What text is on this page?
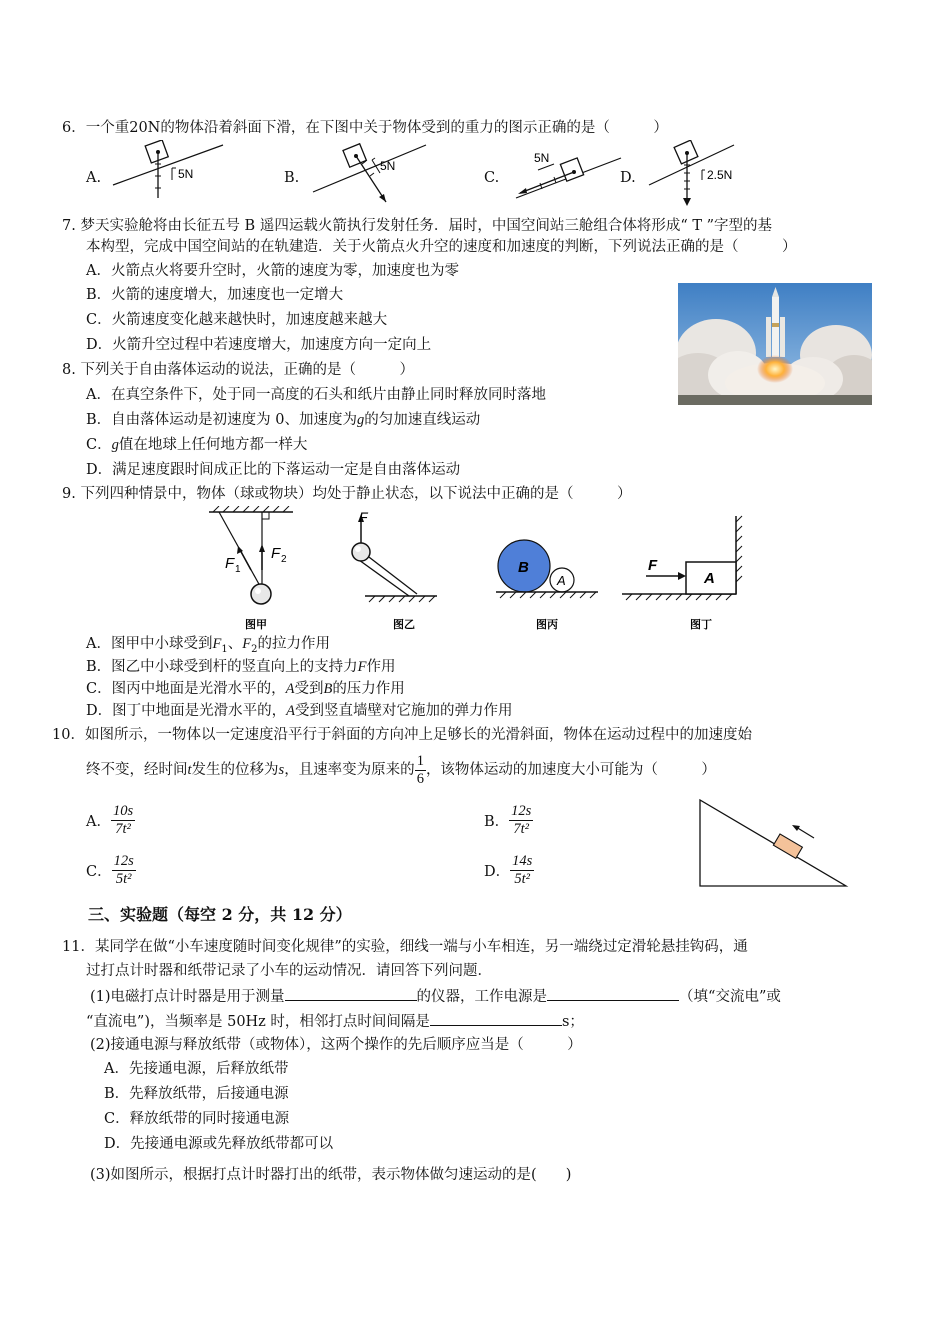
6．一个重20N的物体沿着斜面下滑，在下图中关于物体受到的重力的图示正确的是（　　　）
A.	5N	B.
5N
C.
5N
D.	2.5N
7. 梦天实验舱将由长征五号 B 遥四运载火箭执行发射任务．届时，中国空间站三舱组合体将形成“ T ”字型的基
本构型，完成中国空间站的在轨建造．关于火箭点火升空的速度和加速度的判断，下列说法正确的是（　　　）
A．火箭点火将要升空时，火箭的速度为零，加速度也为零
B．火箭的速度增大，加速度也一定增大
C．火箭速度变化越来越快时，加速度越来越大
D．火箭升空过程中若速度增大，加速度方向一定向上
8. 下列关于自由落体运动的说法，正确的是（　　　）
A．在真空条件下，处于同一高度的石头和纸片由静止同时释放同时落地
B．自由落体运动是初速度为 0、加速度为g的匀加速直线运动
C．g值在地球上任何地方都一样大
D．满足速度跟时间成正比的下落运动一定是自由落体运动
9. 下列四种情景中，物体（球或物块）均处于静止状态，以下说法中正确的是（　　　）
F 1
F 2
图甲
F
图乙
B
A
图丙
A
F
图丁
A．图甲中小球受到$F_1$、$F_2$的拉力作用
B．图乙中小球受到杆的竖直向上的支持力F作用
C．图丙中地面是光滑水平的，A受到B的压力作用
D．图丁中地面是光滑水平的，A受到竖直墙壁对它施加的弹力作用
10．如图所示，一物体以一定速度沿平行于斜面的方向冲上足够长的光滑斜面，物体在运动过程中的加速度始
终不变，经时间t发生的位移为s，且速率变为原来的 $\frac{1}{6}$ ，该物体运动的加速度大小可能为（　　　）
A． $\frac{10s}{\text{7t²}}$	B． $\frac{12s}{\text{7t²}}$
C． $\frac{12s}{\text{5t²}}$	D． $\frac{14s}{\text{5t²}}$
三、实验题（每空 2 分，共 12 分）
11．某同学在做“小车速度随时间变化规律”的实验，细线一端与小车相连，另一端绕过定滑轮悬挂钩码，通
过打点计时器和纸带记录了小车的运动情况．请回答下列问题．
(1)电磁打点计时器是用于测量	的仪器，工作电源是	（填“交流电”或
“直流电”)，当频率是 50Hz 时，相邻打点时间间隔是	s；
(2)接通电源与释放纸带（或物体），这两个操作的先后顺序应当是（　　　）
A．先接通电源，后释放纸带
B．先释放纸带，后接通电源
C．释放纸带的同时接通电源
D．先接通电源或先释放纸带都可以
(3)如图所示，根据打点计时器打出的纸带，表示物体做匀速运动的是(　　)
